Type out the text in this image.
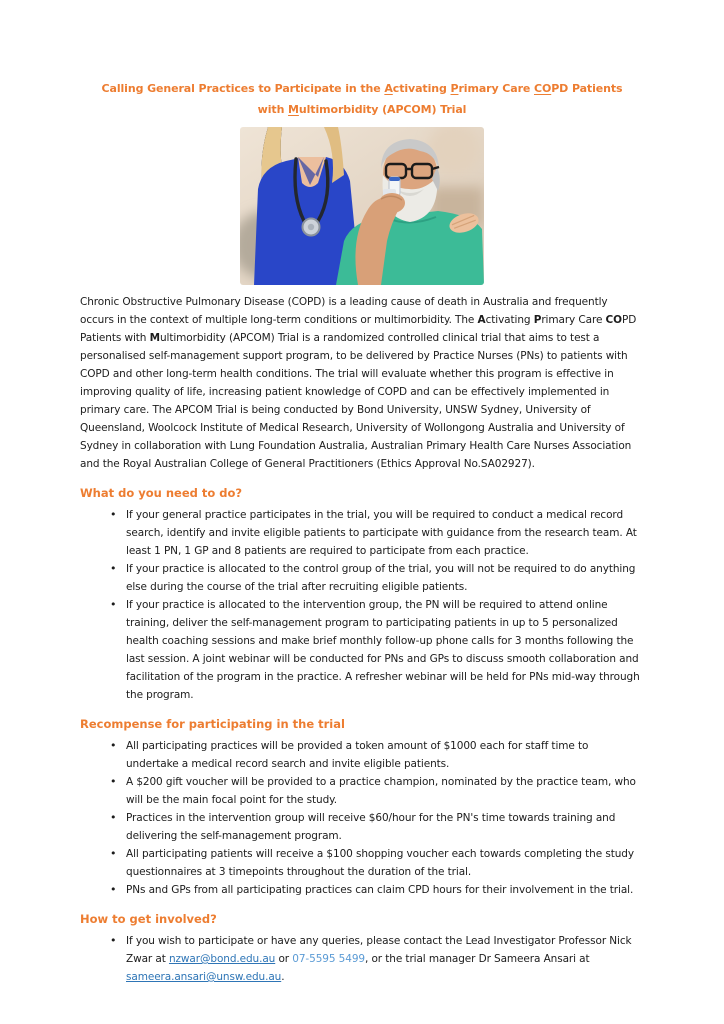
Calling General Practices to Participate in the Activating Primary Care COPD Patients
with Multimorbidity (APCOM) Trial

Chronic Obstructive Pulmonary Disease (COPD) is a leading cause of death in Australia and frequently occurs in the context of multiple long-term conditions or multimorbidity. The Activating Primary Care COPD Patients with Multimorbidity (APCOM) Trial is a randomized controlled clinical trial that aims to test a personalised self-management support program, to be delivered by Practice Nurses (PNs) to patients with COPD and other long-term health conditions. The trial will evaluate whether this program is effective in improving quality of life, increasing patient knowledge of COPD and can be effectively implemented in primary care. The APCOM Trial is being conducted by Bond University, UNSW Sydney, University of Queensland, Woolcock Institute of Medical Research, University of Wollongong Australia and University of Sydney in collaboration with Lung Foundation Australia, Australian Primary Health Care Nurses Association and the Royal Australian College of General Practitioners (Ethics Approval No.SA02927).

What do you need to do?
• If your general practice participates in the trial, you will be required to conduct a medical record search, identify and invite eligible patients to participate with guidance from the research team. At least 1 PN, 1 GP and 8 patients are required to participate from each practice.
• If your practice is allocated to the control group of the trial, you will not be required to do anything else during the course of the trial after recruiting eligible patients.
• If your practice is allocated to the intervention group, the PN will be required to attend online training, deliver the self-management program to participating patients in up to 5 personalized health coaching sessions and make brief monthly follow-up phone calls for 3 months following the last session. A joint webinar will be conducted for PNs and GPs to discuss smooth collaboration and facilitation of the program in the practice. A refresher webinar will be held for PNs mid-way through the program.
Recompense for participating in the trial
• All participating practices will be provided a token amount of $1000 each for staff time to undertake a medical record search and invite eligible patients.
• A $200 gift voucher will be provided to a practice champion, nominated by the practice team, who will be the main focal point for the study.
• Practices in the intervention group will receive $60/hour for the PN's time towards training and delivering the self-management program.
• All participating patients will receive a $100 shopping voucher each towards completing the study questionnaires at 3 timepoints throughout the duration of the trial.
• PNs and GPs from all participating practices can claim CPD hours for their involvement in the trial.
How to get involved?
• If you wish to participate or have any queries, please contact the Lead Investigator Professor Nick Zwar at nzwar@bond.edu.au or 07-5595 5499, or the trial manager Dr Sameera Ansari at sameera.ansari@unsw.edu.au.
